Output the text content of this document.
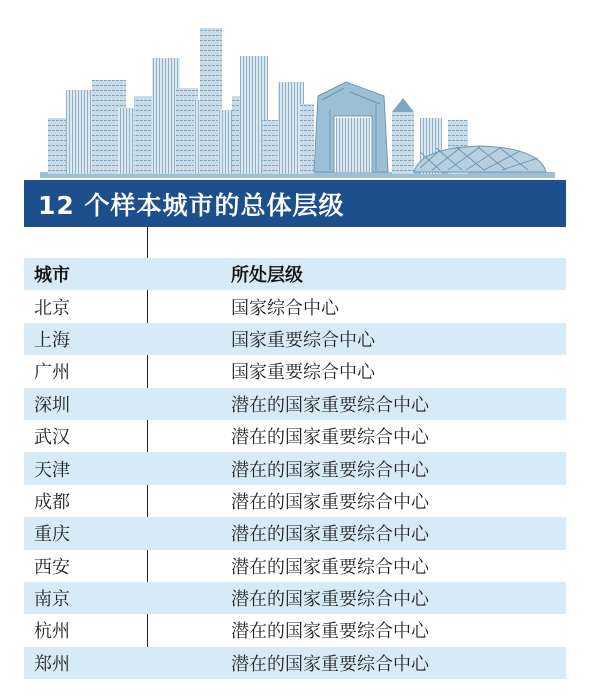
12 个样本城市的总体层级
城市	所处层级
北京	国家综合中心
上海	国家重要综合中心
广州	国家重要综合中心
深圳	潜在的国家重要综合中心
武汉	潜在的国家重要综合中心
天津	潜在的国家重要综合中心
成都	潜在的国家重要综合中心
重庆	潜在的国家重要综合中心
西安	潜在的国家重要综合中心
南京	潜在的国家重要综合中心
杭州	潜在的国家重要综合中心
郑州	潜在的国家重要综合中心
